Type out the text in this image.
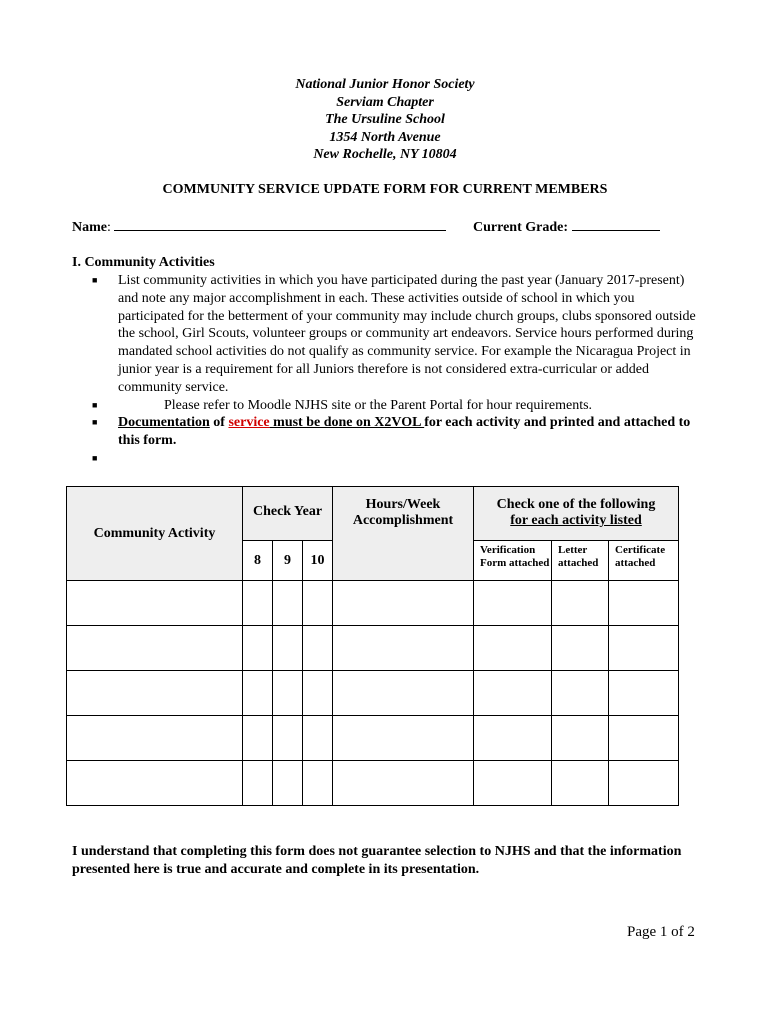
National Junior Honor Society
Serviam Chapter
The Ursuline School
1354 North Avenue
New Rochelle, NY 10804
COMMUNITY SERVICE UPDATE FORM FOR CURRENT MEMBERS
Name:	Current Grade:
I. Community Activities
■ List community activities in which you have participated during the past year (January 2017-present) and note any major accomplishment in each. These activities outside of school in which you participated for the betterment of your community may include church groups, clubs sponsored outside the school, Girl Scouts, volunteer groups or community art endeavors. Service hours performed during mandated school activities do not qualify as community service. For example the Nicaragua Project in junior year is a requirement for all Juniors therefore is not considered extra-curricular or added community service.
■	Please refer to Moodle NJHS site or the Parent Portal for hour requirements.
■ Documentation of service must be done on X2VOL for each activity and printed and attached to this form.
■

Community Activity	Check Year			Hours/Week Accomplishment	Check one of the following
for each activity listed		

	8	9	10		Verification Form attached	Letter attached	Certificate attached

I understand that completing this form does not guarantee selection to NJHS and that the information presented here is true and accurate and complete in its presentation.
Page 1 of 2
